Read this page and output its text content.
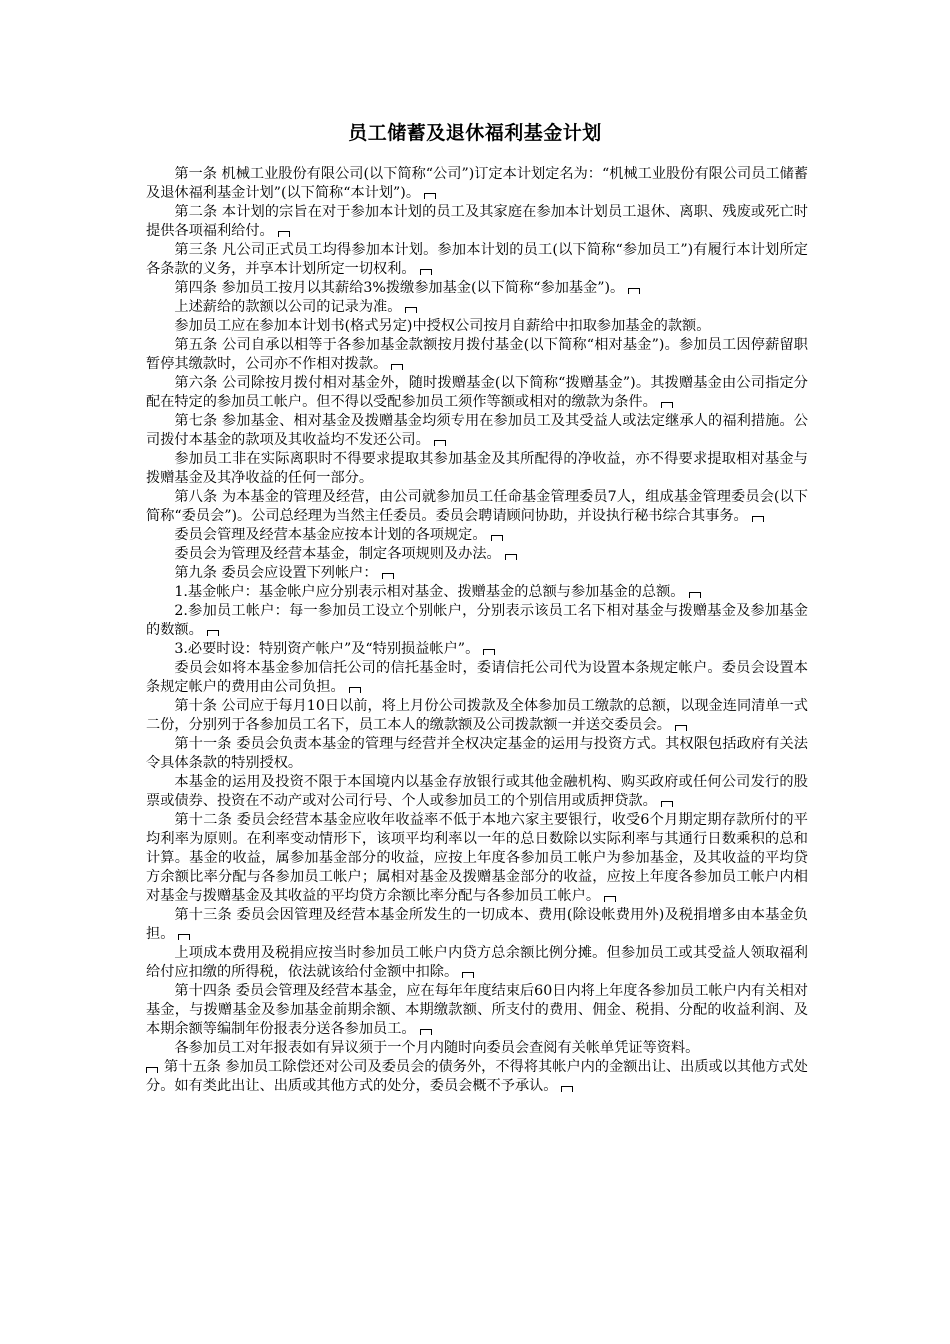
员工储蓄及退休福利基金计划

第一条 机械工业股份有限公司(以下简称“公司”)订定本计划定名为：“机械工业股份有限公司员工储蓄及退休福利基金计划”(以下简称“本计划”)。

第二条 本计划的宗旨在对于参加本计划的员工及其家庭在参加本计划员工退休、离职、残废或死亡时提供各项福利给付。

第三条 凡公司正式员工均得参加本计划。参加本计划的员工(以下简称“参加员工”)有履行本计划所定各条款的义务，并享本计划所定一切权利。

第四条 参加员工按月以其薪给3%拨缴参加基金(以下简称“参加基金”)。

上述薪给的款额以公司的记录为准。

参加员工应在参加本计划书(格式另定)中授权公司按月自薪给中扣取参加基金的款额。

第五条 公司自承以相等于各参加基金款额按月拨付基金(以下简称“相对基金”)。参加员工因停薪留职暂停其缴款时，公司亦不作相对拨款。

第六条 公司除按月拨付相对基金外，随时拨赠基金(以下简称“拨赠基金”)。其拨赠基金由公司指定分配在特定的参加员工帐户。但不得以受配参加员工须作等额或相对的缴款为条件。

第七条 参加基金、相对基金及拨赠基金均须专用在参加员工及其受益人或法定继承人的福利措施。公司拨付本基金的款项及其收益均不发还公司。

参加员工非在实际离职时不得要求提取其参加基金及其所配得的净收益，亦不得要求提取相对基金与拨赠基金及其净收益的任何一部分。

第八条 为本基金的管理及经营，由公司就参加员工任命基金管理委员7人，组成基金管理委员会(以下简称“委员会”)。公司总经理为当然主任委员。委员会聘请顾问协助，并设执行秘书综合其事务。

委员会管理及经营本基金应按本计划的各项规定。

委员会为管理及经营本基金，制定各项规则及办法。

第九条 委员会应设置下列帐户：

1.基金帐户：基金帐户应分别表示相对基金、拨赠基金的总额与参加基金的总额。

2.参加员工帐户：每一参加员工设立个别帐户，分别表示该员工名下相对基金与拨赠基金及参加基金的数额。

3.必要时设：特别资产帐户”及“特别损益帐户”。

委员会如将本基金参加信托公司的信托基金时，委请信托公司代为设置本条规定帐户。委员会设置本条规定帐户的费用由公司负担。

第十条 公司应于每月10日以前，将上月份公司拨款及全体参加员工缴款的总额，以现金连同清单一式二份，分别列于各参加员工名下，员工本人的缴款额及公司拨款额一并送交委员会。

第十一条 委员会负责本基金的管理与经营并全权决定基金的运用与投资方式。其权限包括政府有关法令具体条款的特别授权。

本基金的运用及投资不限于本国境内以基金存放银行或其他金融机构、购买政府或任何公司发行的股票或债券、投资在不动产或对公司行号、个人或参加员工的个别信用或质押贷款。

第十二条 委员会经营本基金应收年收益率不低于本地六家主要银行，收受6个月期定期存款所付的平均利率为原则。在利率变动情形下，该项平均利率以一年的总日数除以实际利率与其通行日数乘积的总和计算。基金的收益，属参加基金部分的收益，应按上年度各参加员工帐户为参加基金，及其收益的平均贷方余额比率分配与各参加员工帐户；属相对基金及拨赠基金部分的收益，应按上年度各参加员工帐户内相对基金与拨赠基金及其收益的平均贷方余额比率分配与各参加员工帐户。

第十三条 委员会因管理及经营本基金所发生的一切成本、费用(除设帐费用外)及税捐增多由本基金负担。

上项成本费用及税捐应按当时参加员工帐户内贷方总余额比例分摊。但参加员工或其受益人领取福利给付应扣缴的所得税，依法就该给付金额中扣除。

第十四条 委员会管理及经营本基金，应在每年年度结束后60日内将上年度各参加员工帐户内有关相对基金，与拨赠基金及参加基金前期余额、本期缴款额、所支付的费用、佣金、税捐、分配的收益利润、及本期余额等编制年份报表分送各参加员工。

各参加员工对年报表如有异议须于一个月内随时向委员会查阅有关帐单凭证等资料。

第十五条 参加员工除偿还对公司及委员会的债务外，不得将其帐户内的金额出让、出质或以其他方式处分。如有类此出让、出质或其他方式的处分，委员会概不予承认。
